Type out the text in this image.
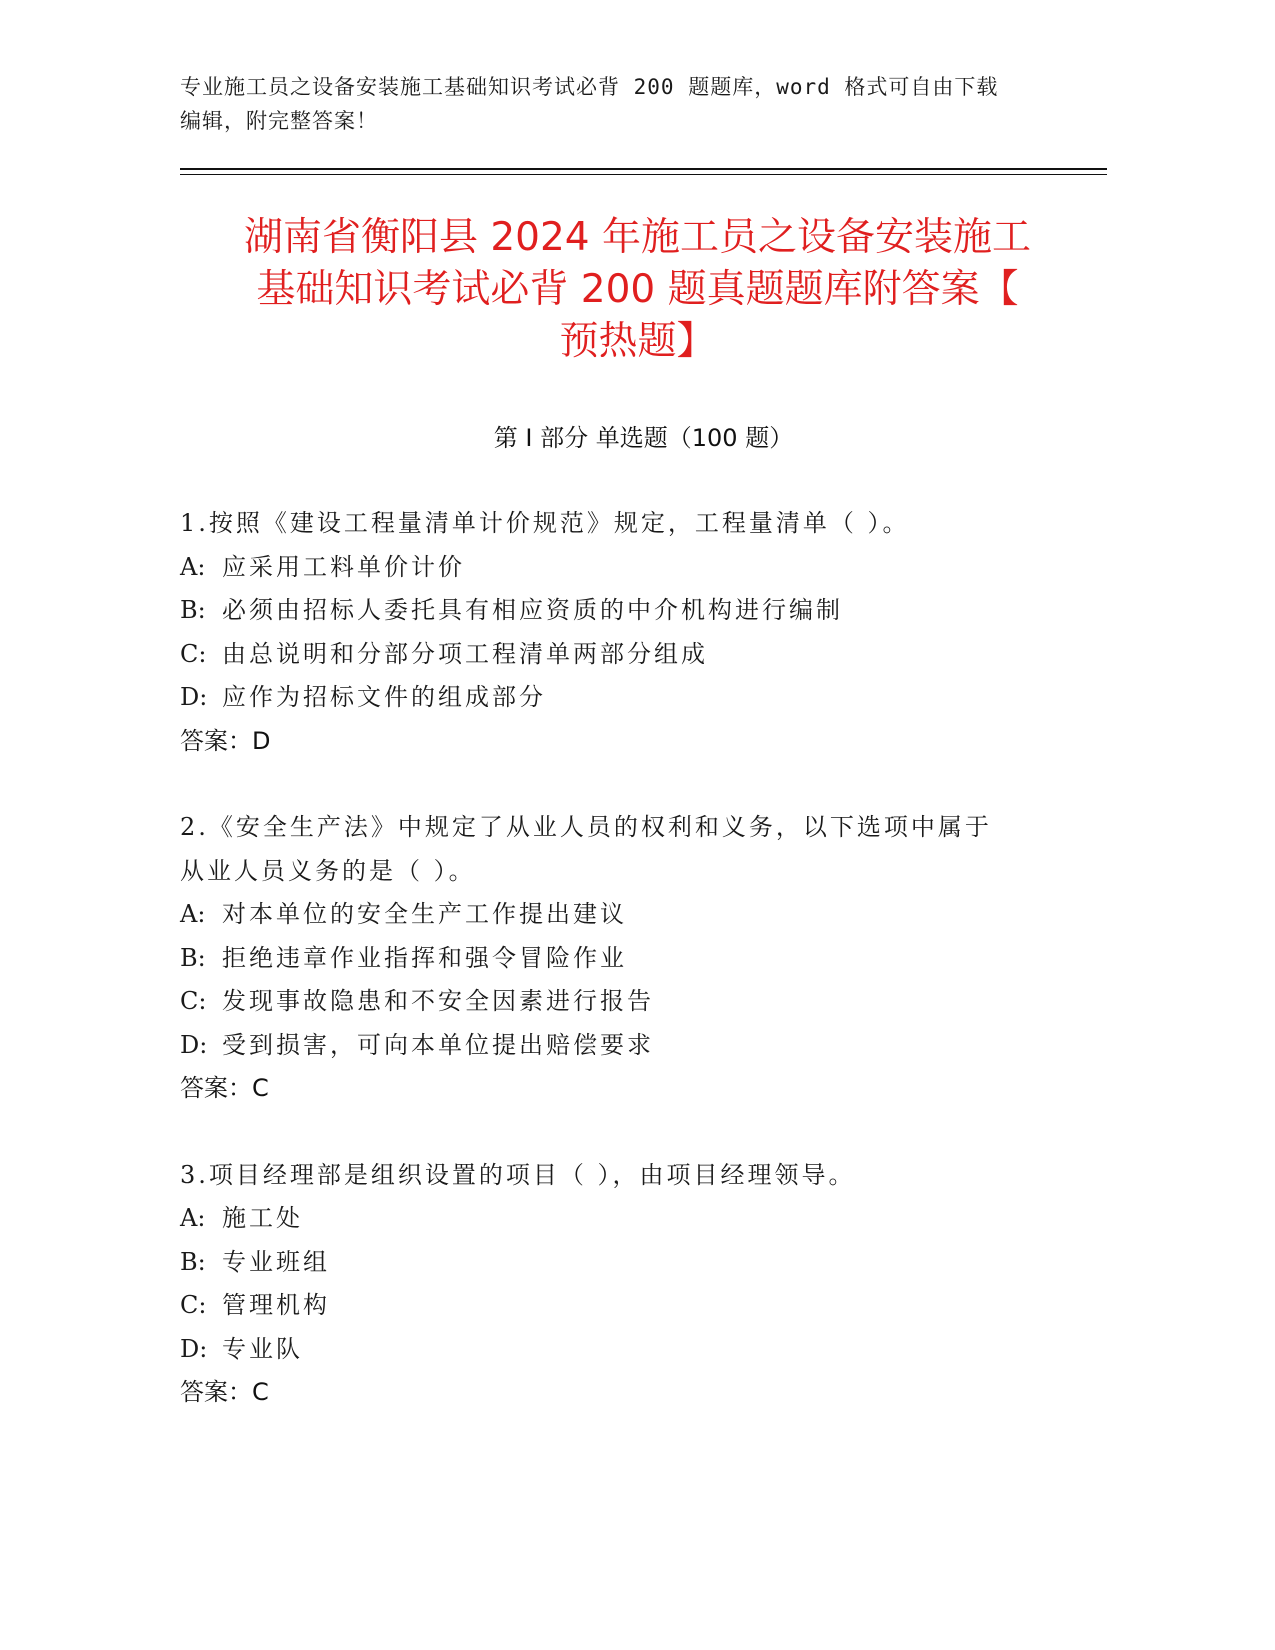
专业施工员之设备安装施工基础知识考试必背 200 题题库，word 格式可自由下载
编辑，附完整答案！
湖南省衡阳县 2024 年施工员之设备安装施工
基础知识考试必背 200 题真题题库附答案【
预热题】
第 I 部分 单选题（100 题）
1.按照《建设工程量清单计价规范》规定，工程量清单（ ）。
A: 应采用工料单价计价
B: 必须由招标人委托具有相应资质的中介机构进行编制
C: 由总说明和分部分项工程清单两部分组成
D: 应作为招标文件的组成部分
答案：D
2.《安全生产法》中规定了从业人员的权利和义务，以下选项中属于
从业人员义务的是（ ）。
A: 对本单位的安全生产工作提出建议
B: 拒绝违章作业指挥和强令冒险作业
C: 发现事故隐患和不安全因素进行报告
D: 受到损害，可向本单位提出赔偿要求
答案：C
3.项目经理部是组织设置的项目（ ），由项目经理领导。
A: 施工处
B: 专业班组
C: 管理机构
D: 专业队
答案：C
